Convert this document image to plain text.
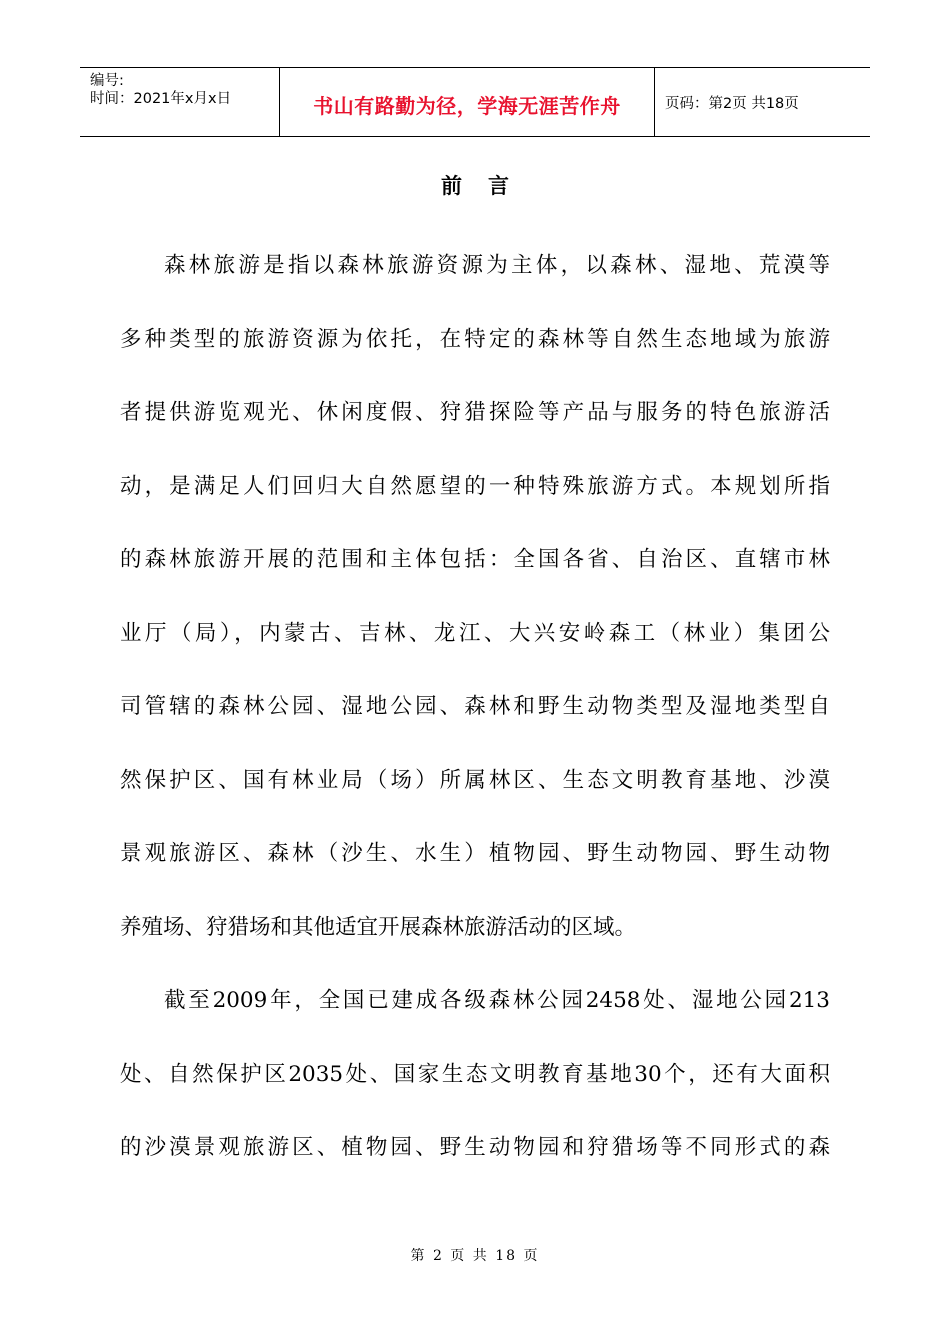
编号:
时间：2021年x月x日	书山有路勤为径，学海无涯苦作舟	页码：第2页 共18页
前言
森林旅游是指以森林旅游资源为主体，以森林、湿地、荒漠等
多种类型的旅游资源为依托，在特定的森林等自然生态地域为旅游
者提供游览观光、休闲度假、狩猎探险等产品与服务的特色旅游活
动，是满足人们回归大自然愿望的一种特殊旅游方式。本规划所指
的森林旅游开展的范围和主体包括：全国各省、自治区、直辖市林
业厅（局），内蒙古、吉林、龙江、大兴安岭森工（林业）集团公
司管辖的森林公园、湿地公园、森林和野生动物类型及湿地类型自
然保护区、国有林业局（场）所属林区、生态文明教育基地、沙漠
景观旅游区、森林（沙生、水生）植物园、野生动物园、野生动物
养殖场、狩猎场和其他适宜开展森林旅游活动的区域。
截至2009年，全国已建成各级森林公园2458处、湿地公园213
处、自然保护区2035处、国家生态文明教育基地30个，还有大面积
的沙漠景观旅游区、植物园、野生动物园和狩猎场等不同形式的森
第 2 页 共 18 页
